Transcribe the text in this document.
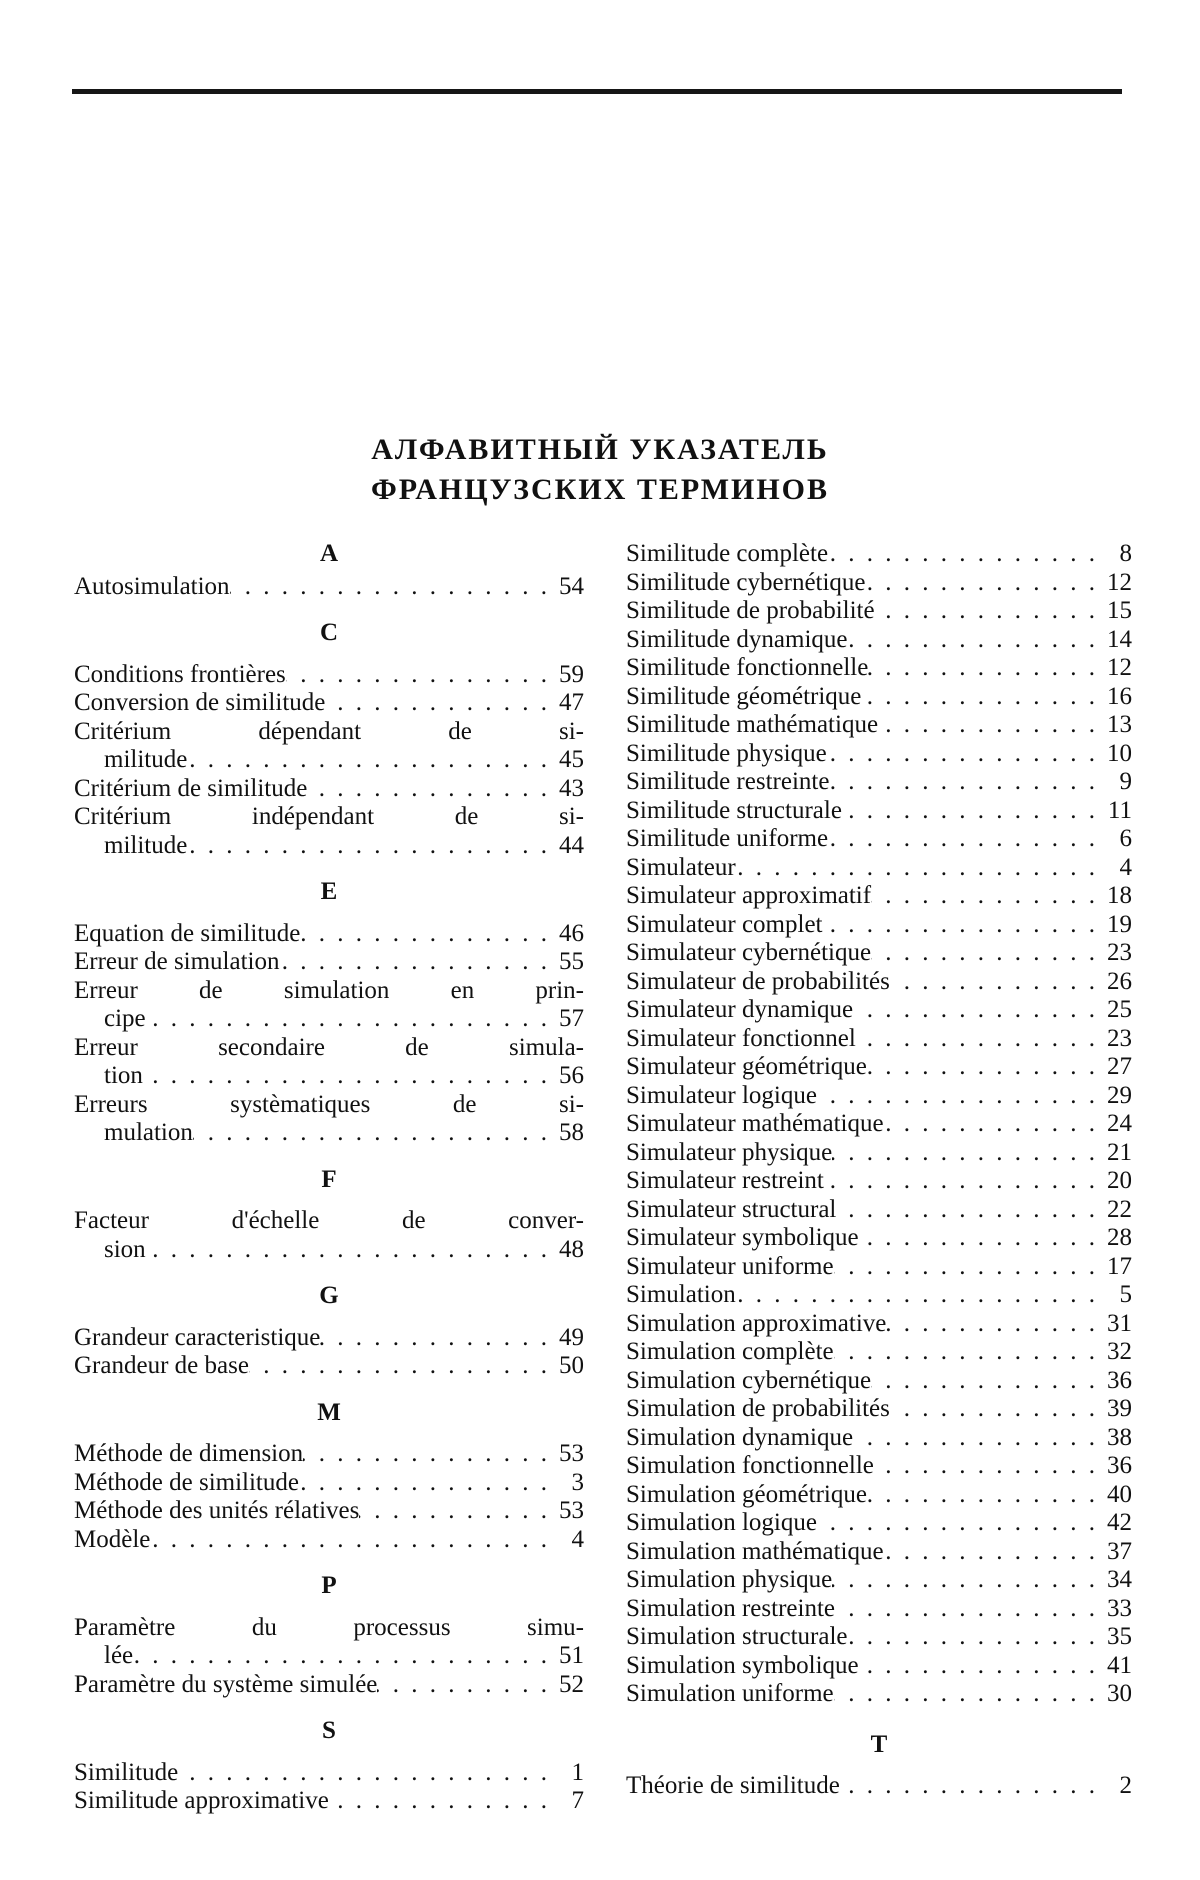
АЛФАВИТНЫЙ УКАЗАТЕЛЬ
ФРАНЦУЗСКИХ ТЕРМИНОВ
A
Autosimulation	. . . . . . . . . . . . . . . . .	54
C
Conditions frontières	. . . . . . . . . . . . . .	59
Conversion de similitude	. . . . . . . . . . . .	47
Critérium dépendant de si-
militude	. . . . . . . . . . . . . . . . . . . .	45
Critérium de similitude	. . . . . . . . . . . . .	43
Critérium indépendant de si-
militude	. . . . . . . . . . . . . . . . . . . .	44
E
Equation de similitude	. . . . . . . . . . . . . .	46
Erreur de simulation	. . . . . . . . . . . . . . .	55
Erreur de simulation en prin-
cipe	. . . . . . . . . . . . . . . . . . . . . .	57
Erreur secondaire de simula-
tion	. . . . . . . . . . . . . . . . . . . . . .	56
Erreurs systèmatiques de si-
mulation	. . . . . . . . . . . . . . . . . . .	58
F
Facteur d'échelle de conver-
sion	. . . . . . . . . . . . . . . . . . . . . .	48
G
Grandeur caracteristique	. . . . . . . . . . . .	49
Grandeur de base	. . . . . . . . . . . . . . . .	50
M
Méthode de dimension	. . . . . . . . . . . . .	53
Méthode de similitude	. . . . . . . . . . . . . .	3
Méthode des unités rélatives	. . . . . . . . . .	53
Modèle	. . . . . . . . . . . . . . . . . . . . . .	4
P
Paramètre du processus simu-
lée	. . . . . . . . . . . . . . . . . . . . . . .	51
Paramètre du système simulée	. . . . . . . . .	52
S
Similitude	. . . . . . . . . . . . . . . . . . . .	1
Similitude approximative	. . . . . . . . . . . .	7
Similitude complète	. . . . . . . . . . . . . . .	8
Similitude cybernétique	. . . . . . . . . . . . .	12
Similitude de probabilité	. . . . . . . . . . . .	15
Similitude dynamique	. . . . . . . . . . . . . .	14
Similitude fonctionnelle	. . . . . . . . . . . .	12
Similitude géométrique	. . . . . . . . . . . . .	16
Similitude mathématique	. . . . . . . . . . . .	13
Similitude physique	. . . . . . . . . . . . . . .	10
Similitude restreinte	. . . . . . . . . . . . . . .	9
Similitude structurale	. . . . . . . . . . . . . .	11
Similitude uniforme	. . . . . . . . . . . . . . .	6
Simulateur	. . . . . . . . . . . . . . . . . . . .	4
Simulateur approximatif	. . . . . . . . . . . .	18
Simulateur complet	. . . . . . . . . . . . . . .	19
Simulateur cybernétique	. . . . . . . . . . . .	23
Simulateur de probabilités	. . . . . . . . . . .	26
Simulateur dynamique	. . . . . . . . . . . . .	25
Simulateur fonctionnel	. . . . . . . . . . . . .	23
Simulateur géométrique	. . . . . . . . . . . . .	27
Simulateur logique	. . . . . . . . . . . . . . .	29
Simulateur mathématique	. . . . . . . . . . . .	24
Simulateur physique	. . . . . . . . . . . . . .	21
Simulateur restreint	. . . . . . . . . . . . . . .	20
Simulateur structural	. . . . . . . . . . . . . .	22
Simulateur symbolique	. . . . . . . . . . . . .	28
Simulateur uniforme	. . . . . . . . . . . . . .	17
Simulation	. . . . . . . . . . . . . . . . . . . .	5
Simulation approximative	. . . . . . . . . . .	31
Simulation complète	. . . . . . . . . . . . . .	32
Simulation cybernétique	. . . . . . . . . . . .	36
Simulation de probabilités	. . . . . . . . . . .	39
Simulation dynamique	. . . . . . . . . . . . .	38
Simulation fonctionnelle	. . . . . . . . . . . .	36
Simulation géométrique	. . . . . . . . . . . . .	40
Simulation logique	. . . . . . . . . . . . . . .	42
Simulation mathématique	. . . . . . . . . . . .	37
Simulation physique	. . . . . . . . . . . . . .	34
Simulation restreinte	. . . . . . . . . . . . . .	33
Simulation structurale	. . . . . . . . . . . . . .	35
Simulation symbolique	. . . . . . . . . . . . .	41
Simulation uniforme	. . . . . . . . . . . . . .	30
T
Théorie de similitude	. . . . . . . . . . . . . .	2
